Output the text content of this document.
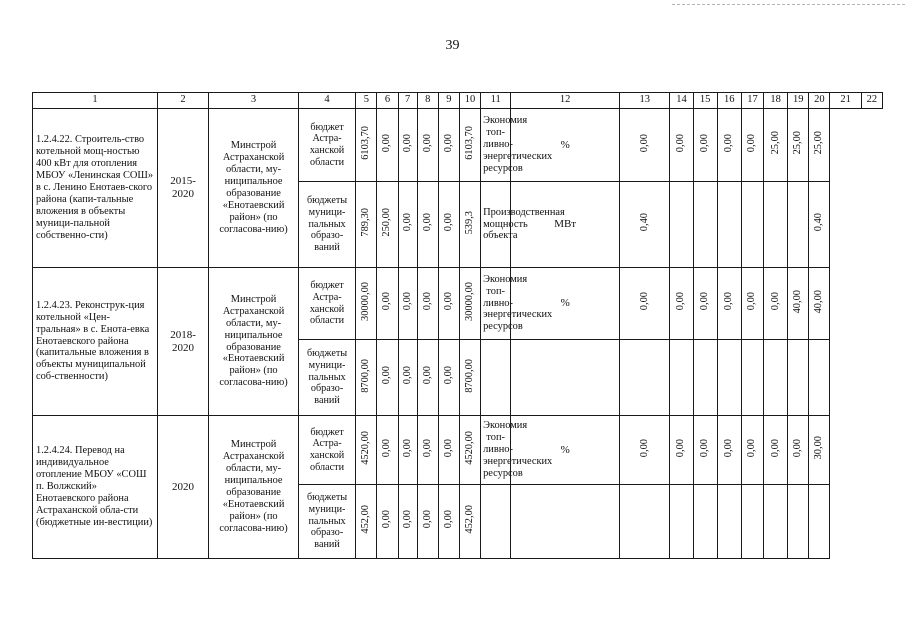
39
1	2	3	4	5	6	7	8	9	10	11	12	13	14	15	16	17	18	19	20	21	22
1.2.4.22. Строитель-ство котельной мощ-ностью 400 кВт для отопления МБОУ «Ленинская СОШ» в с. Ленино Енотаев-ского района (капи-тальные вложения в объекты муници-пальной собственно-сти)	2015-2020	Минстрой Астраханской области, му-ниципальное образование «Енотаевский район» (по согласова-нию)	бюджет Астра-ханской области	6103,70	0,00	0,00	0,00	0,00	6103,70	Экономия топ-ливно-энергетических ресурсов	%	0,00	0,00	0,00	0,00	0,00	25,00	25,00	25,00		
			бюджеты муници-пальных образо-ваний	789,30	250,00	0,00	0,00	0,00	539,3	Производственная мощность объекта	МВт	0,40							0,40		
1.2.4.23. Реконструк-ция котельной «Цен-тральная» в с. Енота-евка Енотаевского района (капитальные вложения в объекты муниципальной соб-ственности)	2018-2020	Минстрой Астраханской области, му-ниципальное образование «Енотаевский район» (по согласова-нию)	бюджет Астра-ханской области	30000,00	0,00	0,00	0,00	0,00	30000,00	Экономия топ-ливно-энергетических ресурсов	%	0,00	0,00	0,00	0,00	0,00	0,00	40,00	40,00		
			бюджеты муници-пальных образо-ваний	8700,00	0,00	0,00	0,00	0,00	8700,00												
1.2.4.24. Перевод на индивидуальное отопление МБОУ «СОШ п. Волжский» Енотаевского района Астраханской обла-сти (бюджетные ин-вестиции)	2020	Минстрой Астраханской области, му-ниципальное образование «Енотаевский район» (по согласова-нию)	бюджет Астра-ханской области	4520,00	0,00	0,00	0,00	0,00	4520,00	Экономия топ-ливно-энергетических ресурсов	%	0,00	0,00	0,00	0,00	0,00	0,00	0,00	30,00		
			бюджеты муници-пальных образо-ваний	452,00	0,00	0,00	0,00	0,00	452,00												
